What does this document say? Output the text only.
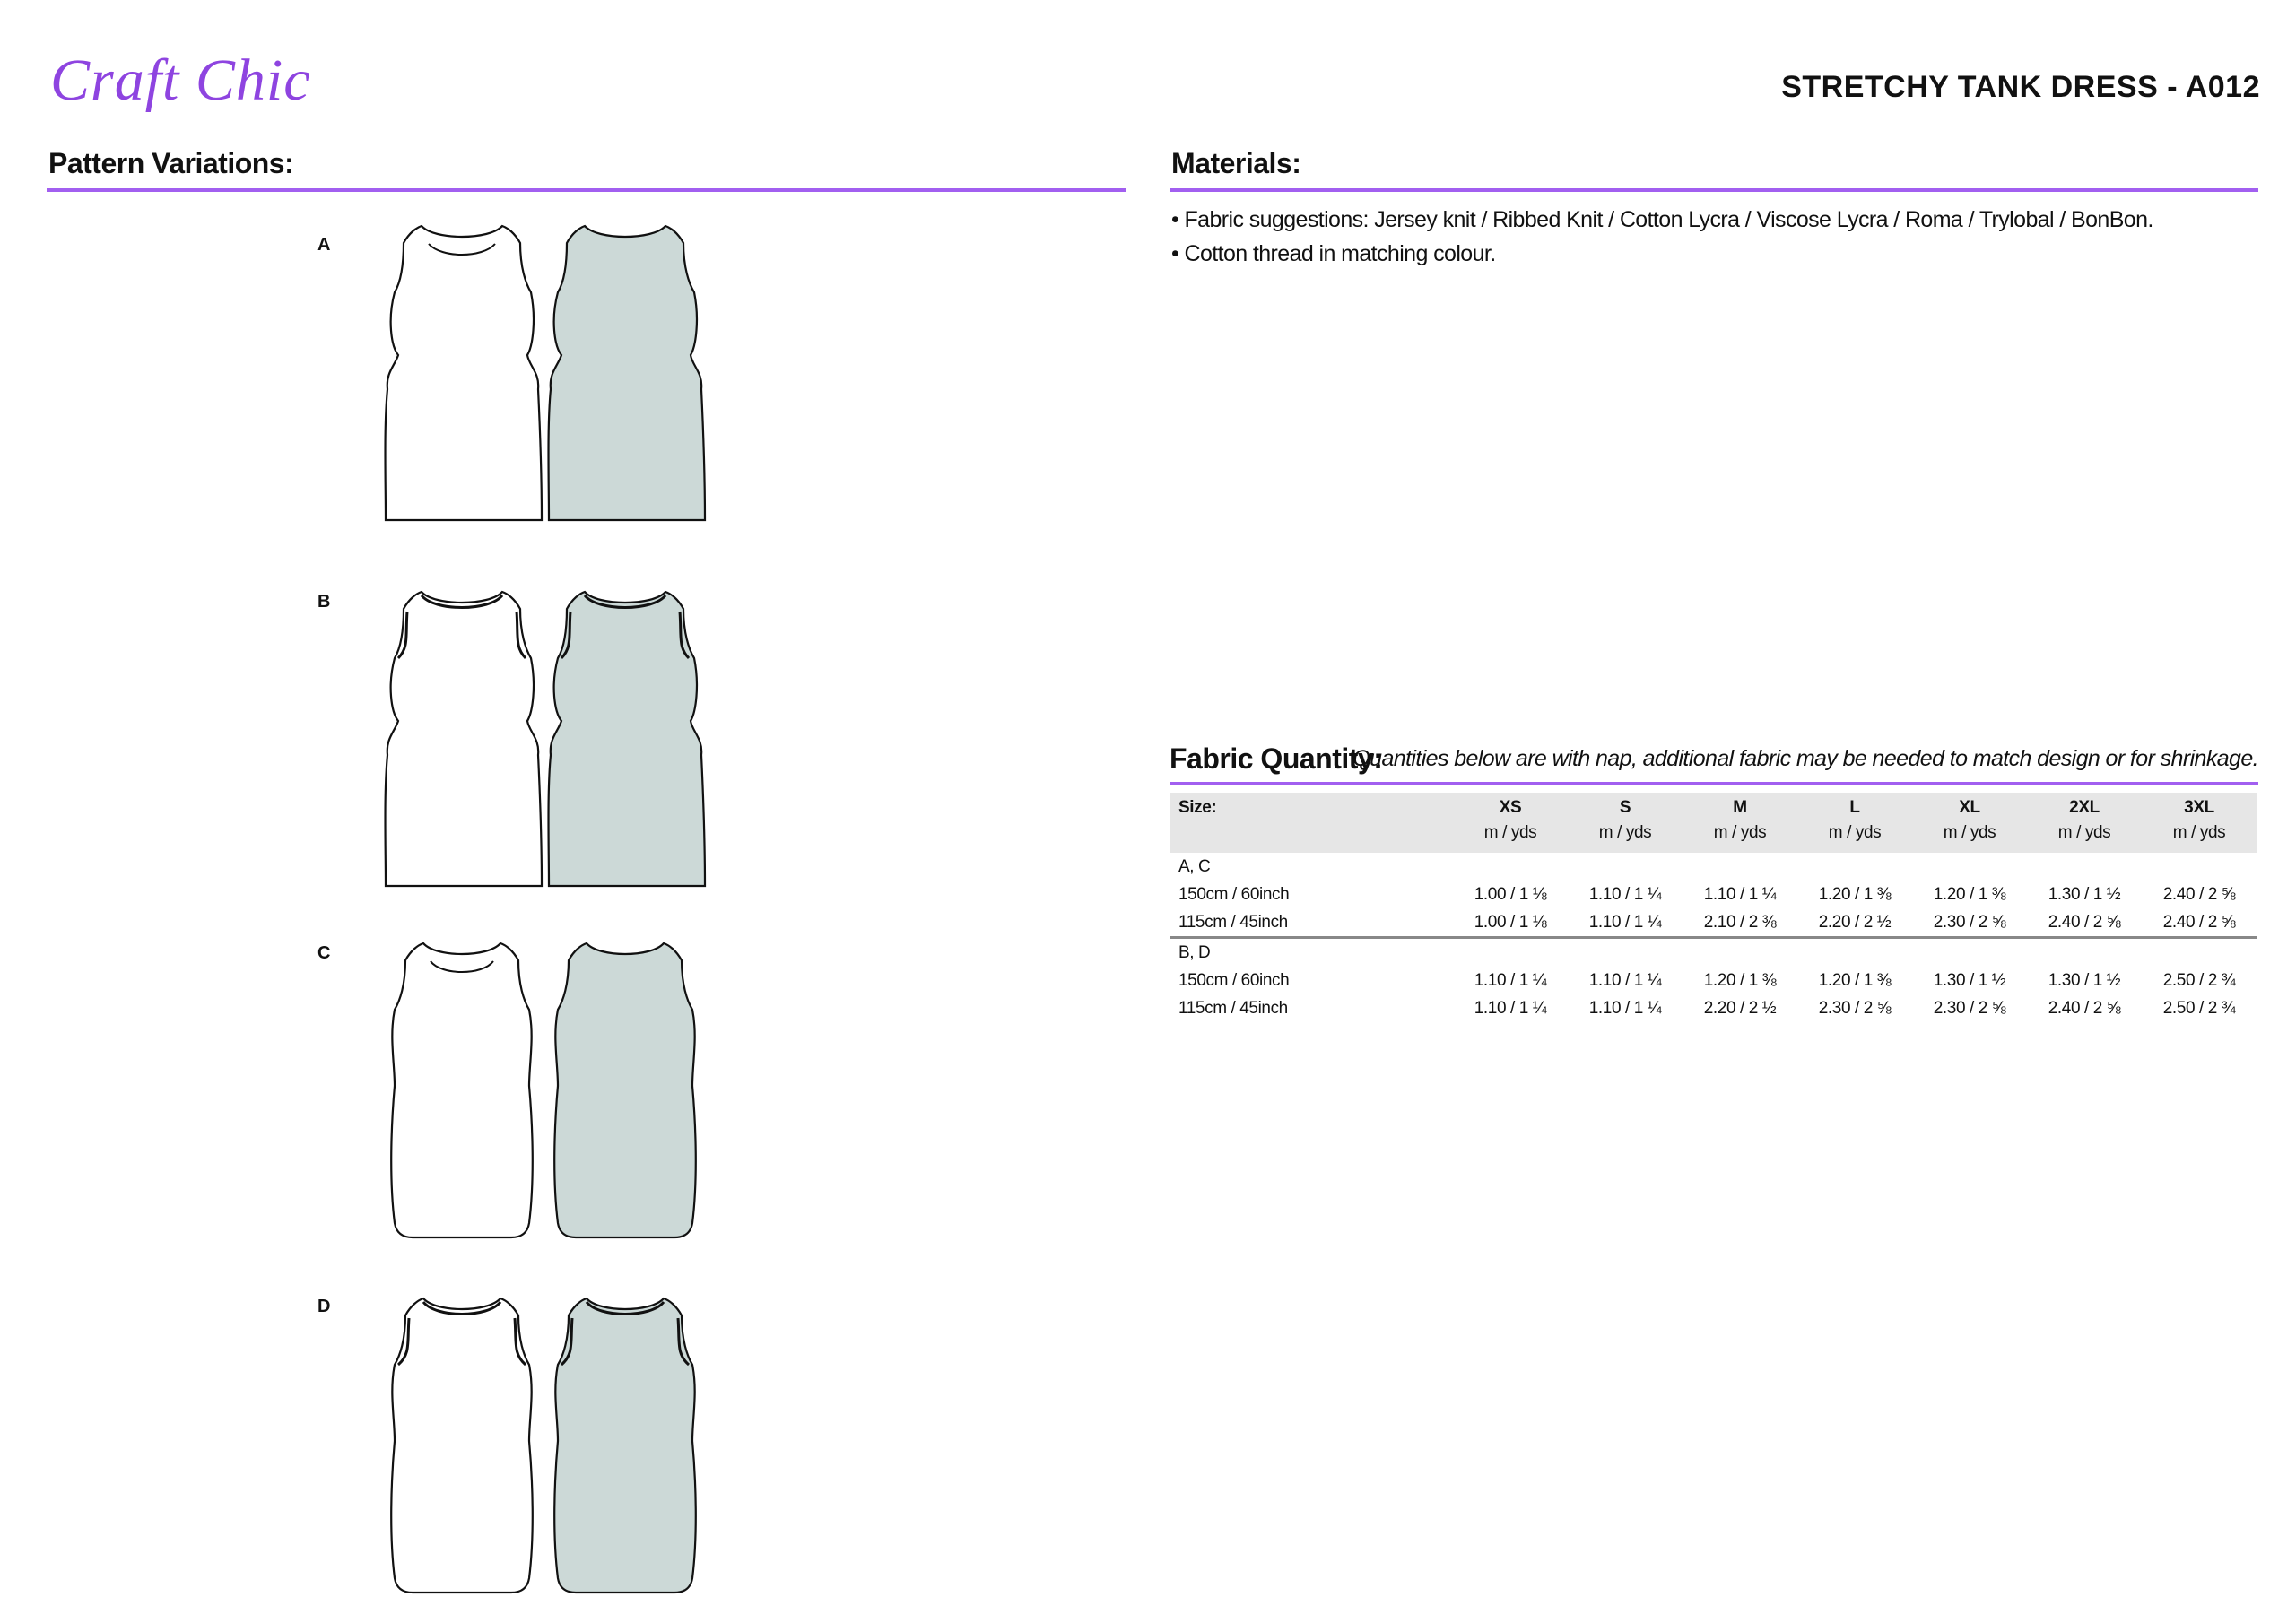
Craft Chic	STRETCHY TANK DRESS - A012
Pattern Variations:
A
B
C
D
Materials:
• Fabric suggestions: Jersey knit / Ribbed Knit / Cotton Lycra / Viscose Lycra / Roma / Trylobal / BonBon.
• Cotton thread in matching colour.
Fabric Quantity:
Quantities below are with nap, additional fabric may be needed to match design or for shrinkage.
Size:	XS	S	M	L	XL	2XL	3XL
	m / yds	m / yds	m / yds	m / yds	m / yds	m / yds	m / yds
A, C							
150cm / 60inch	1.00 / 1 ⅛	1.10 / 1 ¼	1.10 / 1 ¼	1.20 / 1 ⅜	1.20 / 1 ⅜	1.30 / 1 ½	2.40 / 2 ⅝
115cm / 45inch	1.00 / 1 ⅛	1.10 / 1 ¼	2.10 / 2 ⅜	2.20 / 2 ½	2.30 / 2 ⅝	2.40 / 2 ⅝	2.40 / 2 ⅝
B, D							
150cm / 60inch	1.10 / 1 ¼	1.10 / 1 ¼	1.20 / 1 ⅜	1.20 / 1 ⅜	1.30 / 1 ½	1.30 / 1 ½	2.50 / 2 ¾
115cm / 45inch	1.10 / 1 ¼	1.10 / 1 ¼	2.20 / 2 ½	2.30 / 2 ⅝	2.30 / 2 ⅝	2.40 / 2 ⅝	2.50 / 2 ¾
